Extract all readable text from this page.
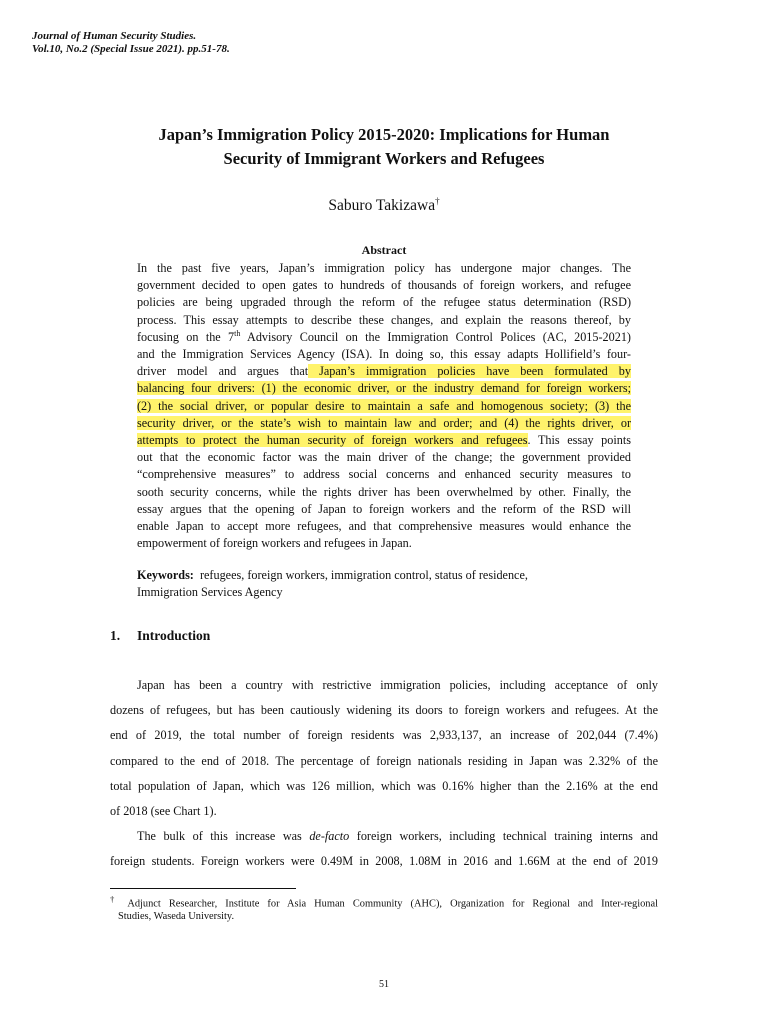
Journal of Human Security Studies.
Vol.10, No.2 (Special Issue 2021). pp.51-78.
Japan’s Immigration Policy 2015-2020: Implications for Human
Security of Immigrant Workers and Refugees
Saburo Takizawa†
Abstract
In the past five years, Japan’s immigration policy has undergone major changes. The
government decided to open gates to hundreds of thousands of foreign workers, and refugee
policies are being upgraded through the reform of the refugee status determination (RSD)
process. This essay attempts to describe these changes, and explain the reasons thereof, by
focusing on the 7th Advisory Council on the Immigration Control Polices (AC, 2015-2021)
and the Immigration Services Agency (ISA). In doing so, this essay adapts Hollifield’s four-
driver model and argues that Japan’s immigration policies have been formulated by
balancing four drivers: (1) the economic driver, or the industry demand for foreign workers;
(2) the social driver, or popular desire to maintain a safe and homogenous society; (3) the
security driver, or the state’s wish to maintain law and order; and (4) the rights driver, or
attempts to protect the human security of foreign workers and refugees. This essay points
out that the economic factor was the main driver of the change; the government provided
“comprehensive measures” to address social concerns and enhanced security measures to
sooth security concerns, while the rights driver has been overwhelmed by other. Finally, the
essay argues that the opening of Japan to foreign workers and the reform of the RSD will
enable Japan to accept more refugees, and that comprehensive measures would enhance the
empowerment of foreign workers and refugees in Japan.
Keywords: refugees, foreign workers, immigration control, status of residence,
Immigration Services Agency
1. Introduction
Japan has been a country with restrictive immigration policies, including acceptance of only
dozens of refugees, but has been cautiously widening its doors to foreign workers and refugees. At the
end of 2019, the total number of foreign residents was 2,933,137, an increase of 202,044 (7.4%)
compared to the end of 2018. The percentage of foreign nationals residing in Japan was 2.32% of the
total population of Japan, which was 126 million, which was 0.16% higher than the 2.16% at the end
of 2018 (see Chart 1).
The bulk of this increase was de-facto foreign workers, including technical training interns and
foreign students. Foreign workers were 0.49M in 2008, 1.08M in 2016 and 1.66M at the end of 2019
† Adjunct Researcher, Institute for Asia Human Community (AHC), Organization for Regional and Inter-regional
Studies, Waseda University.
51
